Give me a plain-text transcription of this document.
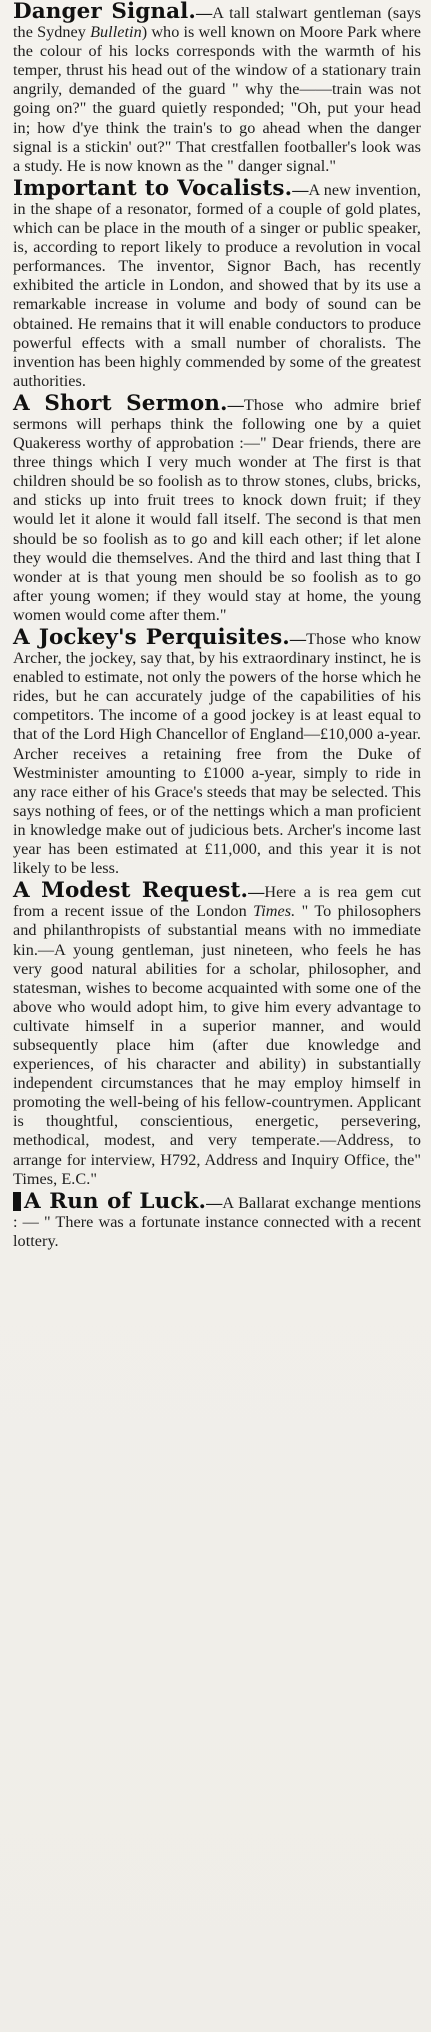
Danger Signal.—A tall stalwart gentleman (says the Sydney Bulletin) who is well known on Moore Park where the colour of his locks corresponds with the warmth of his temper, thrust his head out of the window of a stationary train angrily, demanded of the guard " why the——train was not going on?" the guard quietly responded; "Oh, put your head in; how d'ye think the train's to go ahead when the danger signal is a stickin' out?" That crestfallen footballer's look was a study. He is now known as the " danger signal."

Important to Vocalists.—A new invention, in the shape of a resonator, formed of a couple of gold plates, which can be place in the mouth of a singer or public speaker, is, according to report likely to produce a revolution in vocal performances. The inventor, Signor Bach, has recently exhibited the article in London, and showed that by its use a remarkable increase in volume and body of sound can be obtained. He remains that it will enable conductors to produce powerful effects with a small number of choralists. The invention has been highly commended by some of the greatest authorities.

A Short Sermon.—Those who admire brief sermons will perhaps think the following one by a quiet Quakeress worthy of approbation :—" Dear friends, there are three things which I very much wonder at The first is that children should be so foolish as to throw stones, clubs, bricks, and sticks up into fruit trees to knock down fruit; if they would let it alone it would fall itself. The second is that men should be so foolish as to go and kill each other; if let alone they would die themselves. And the third and last thing that I wonder at is that young men should be so foolish as to go after young women; if they would stay at home, the young women would come after them."

A Jockey's Perquisites.—Those who know Archer, the jockey, say that, by his extraordinary instinct, he is enabled to estimate, not only the powers of the horse which he rides, but he can accurately judge of the capabilities of his competitors. The income of a good jockey is at least equal to that of the Lord High Chancellor of England—£10,000 a-year. Archer receives a retaining free from the Duke of Westminister amounting to £1000 a-year, simply to ride in any race either of his Grace's steeds that may be selected. This says nothing of fees, or of the nettings which a man proficient in knowledge make out of judicious bets. Archer's income last year has been estimated at £11,000, and this year it is not likely to be less.

A Modest Request.—Here a is rea gem cut from a recent issue of the London Times. " To philosophers and philanthropists of substantial means with no immediate kin.—A young gentleman, just nineteen, who feels he has very good natural abilities for a scholar, philosopher, and statesman, wishes to become acquainted with some one of the above who would adopt him, to give him every advantage to cultivate himself in a superior manner, and would subsequently place him (after due knowledge and experiences, of his character and ability) in substantially independent circumstances that he may employ himself in promoting the well-being of his fellow-countrymen. Applicant is thoughtful, conscientious, energetic, persevering, methodical, modest, and very temperate.—Address, to arrange for interview, H792, Address and Inquiry Office, the" Times, E.C."

A Run of Luck.—A Ballarat exchange mentions : — " There was a fortunate instance connected with a recent lottery.
